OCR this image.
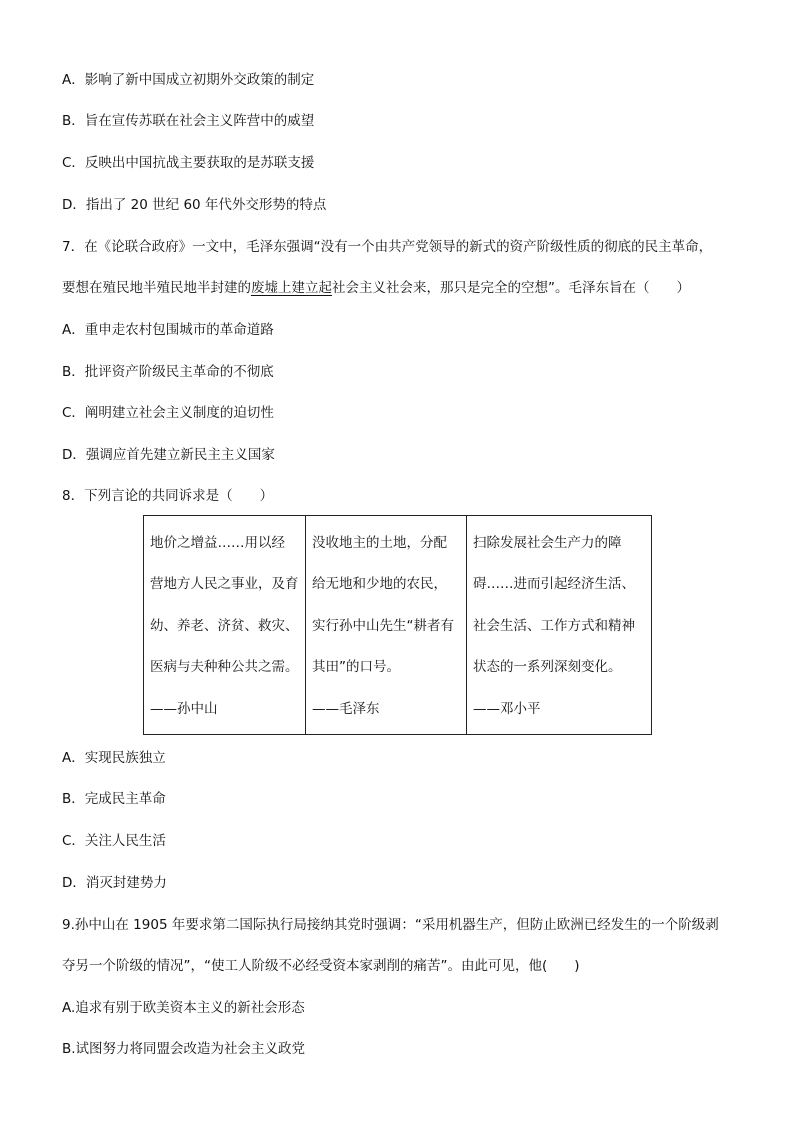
A．影响了新中国成立初期外交政策的制定
B．旨在宣传苏联在社会主义阵营中的威望
C．反映出中国抗战主要获取的是苏联支援
D．指出了 20 世纪 60 年代外交形势的特点
7．在《论联合政府》一文中，毛泽东强调“没有一个由共产党领导的新式的资产阶级性质的彻底的民主革命，
要想在殖民地半殖民地半封建的废墟上建立起社会主义社会来，那只是完全的空想”。毛泽东旨在（　　）
A．重申走农村包围城市的革命道路
B．批评资产阶级民主革命的不彻底
C．阐明建立社会主义制度的迫切性
D．强调应首先建立新民主主义国家
8．下列言论的共同诉求是（　　）
地价之增益……用以经
营地方人民之事业，及育
幼、养老、济贫、救灾、
医病与夫种种公共之需。
——孙中山

没收地主的土地，分配
给无地和少地的农民，
实行孙中山先生“耕者有
其田”的口号。
——毛泽东

扫除发展社会生产力的障
碍……进而引起经济生活、
社会生活、工作方式和精神
状态的一系列深刻变化。
——邓小平
A．实现民族独立
B．完成民主革命
C．关注人民生活
D．消灭封建势力
9.孙中山在 1905 年要求第二国际执行局接纳其党时强调：“采用机器生产，但防止欧洲已经发生的一个阶级剥
夺另一个阶级的情况”，“使工人阶级不必经受资本家剥削的痛苦”。由此可见，他(　　)
A.追求有别于欧美资本主义的新社会形态
B.试图努力将同盟会改造为社会主义政党
